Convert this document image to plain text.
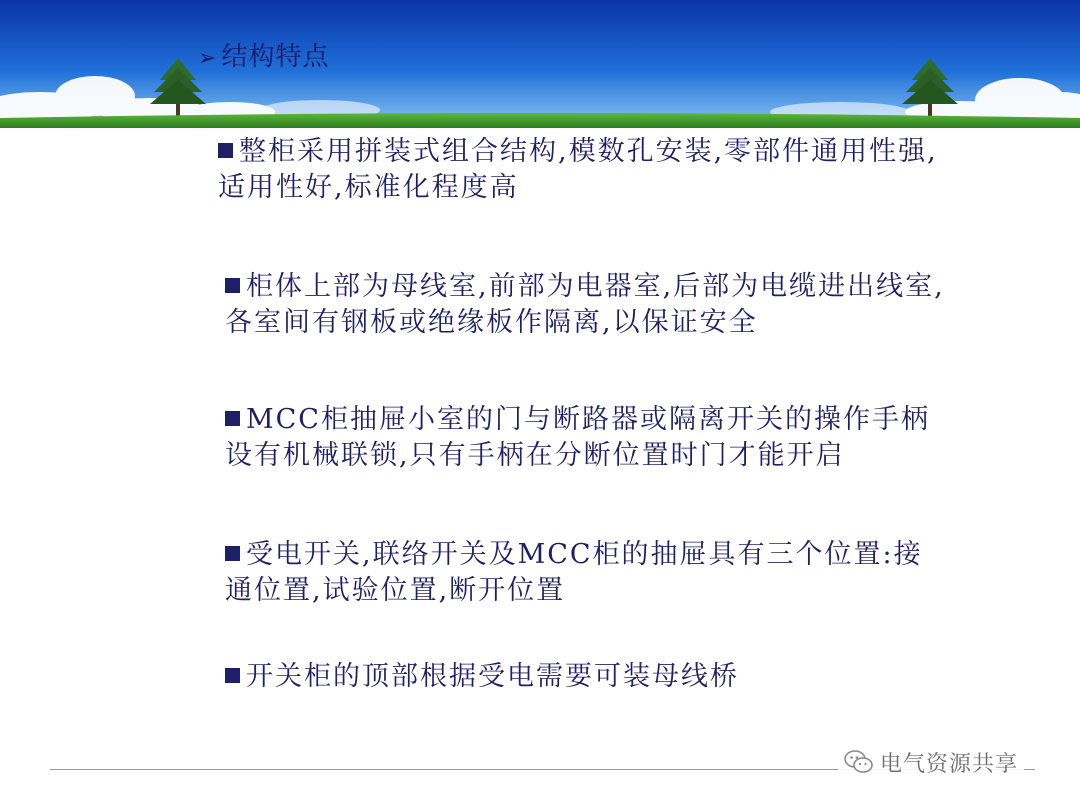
➢ 结构特点
整柜采用拼装式组合结构,模数孔安装,零部件通用性强,适用性好,标准化程度高
柜体上部为母线室,前部为电器室,后部为电缆进出线室,各室间有钢板或绝缘板作隔离,以保证安全
MCC柜抽屉小室的门与断路器或隔离开关的操作手柄设有机械联锁,只有手柄在分断位置时门才能开启
受电开关,联络开关及MCC柜的抽屉具有三个位置:接通位置,试验位置,断开位置
开关柜的顶部根据受电需要可装母线桥
电气资源共享
